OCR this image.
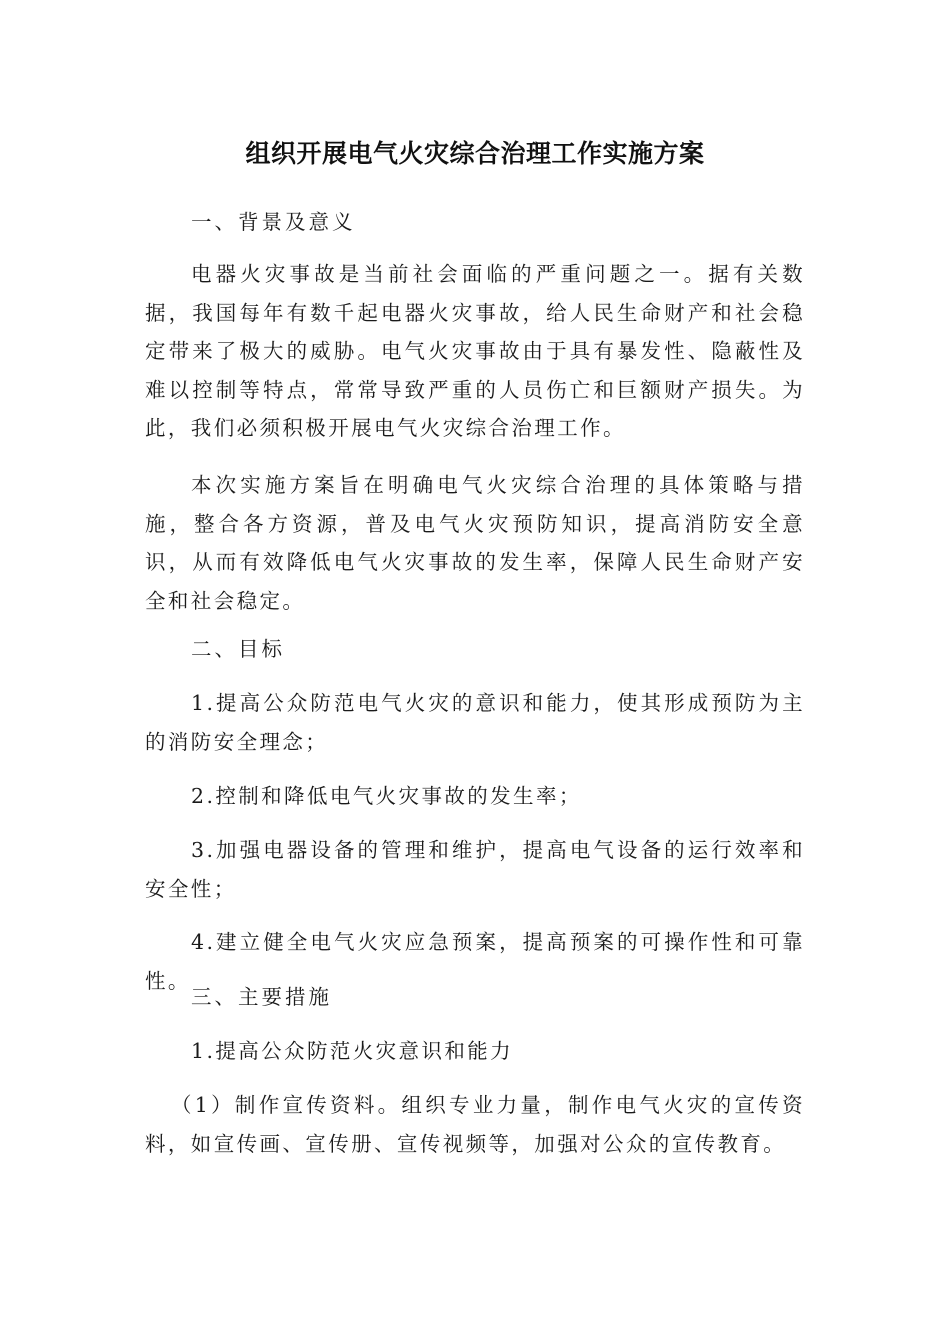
组织开展电气火灾综合治理工作实施方案

一、背景及意义

电器火灾事故是当前社会面临的严重问题之一。据有关数据，我国每年有数千起电器火灾事故，给人民生命财产和社会稳定带来了极大的威胁。电气火灾事故由于具有暴发性、隐蔽性及难以控制等特点，常常导致严重的人员伤亡和巨额财产损失。为此，我们必须积极开展电气火灾综合治理工作。

本次实施方案旨在明确电气火灾综合治理的具体策略与措施，整合各方资源，普及电气火灾预防知识，提高消防安全意识，从而有效降低电气火灾事故的发生率，保障人民生命财产安全和社会稳定。

二、目标

1.提高公众防范电气火灾的意识和能力，使其形成预防为主的消防安全理念；

2.控制和降低电气火灾事故的发生率；

3.加强电器设备的管理和维护，提高电气设备的运行效率和安全性；

4.建立健全电气火灾应急预案，提高预案的可操作性和可靠性。

三、主要措施

1.提高公众防范火灾意识和能力

（1）制作宣传资料。组织专业力量，制作电气火灾的宣传资料，如宣传画、宣传册、宣传视频等，加强对公众的宣传教育。
